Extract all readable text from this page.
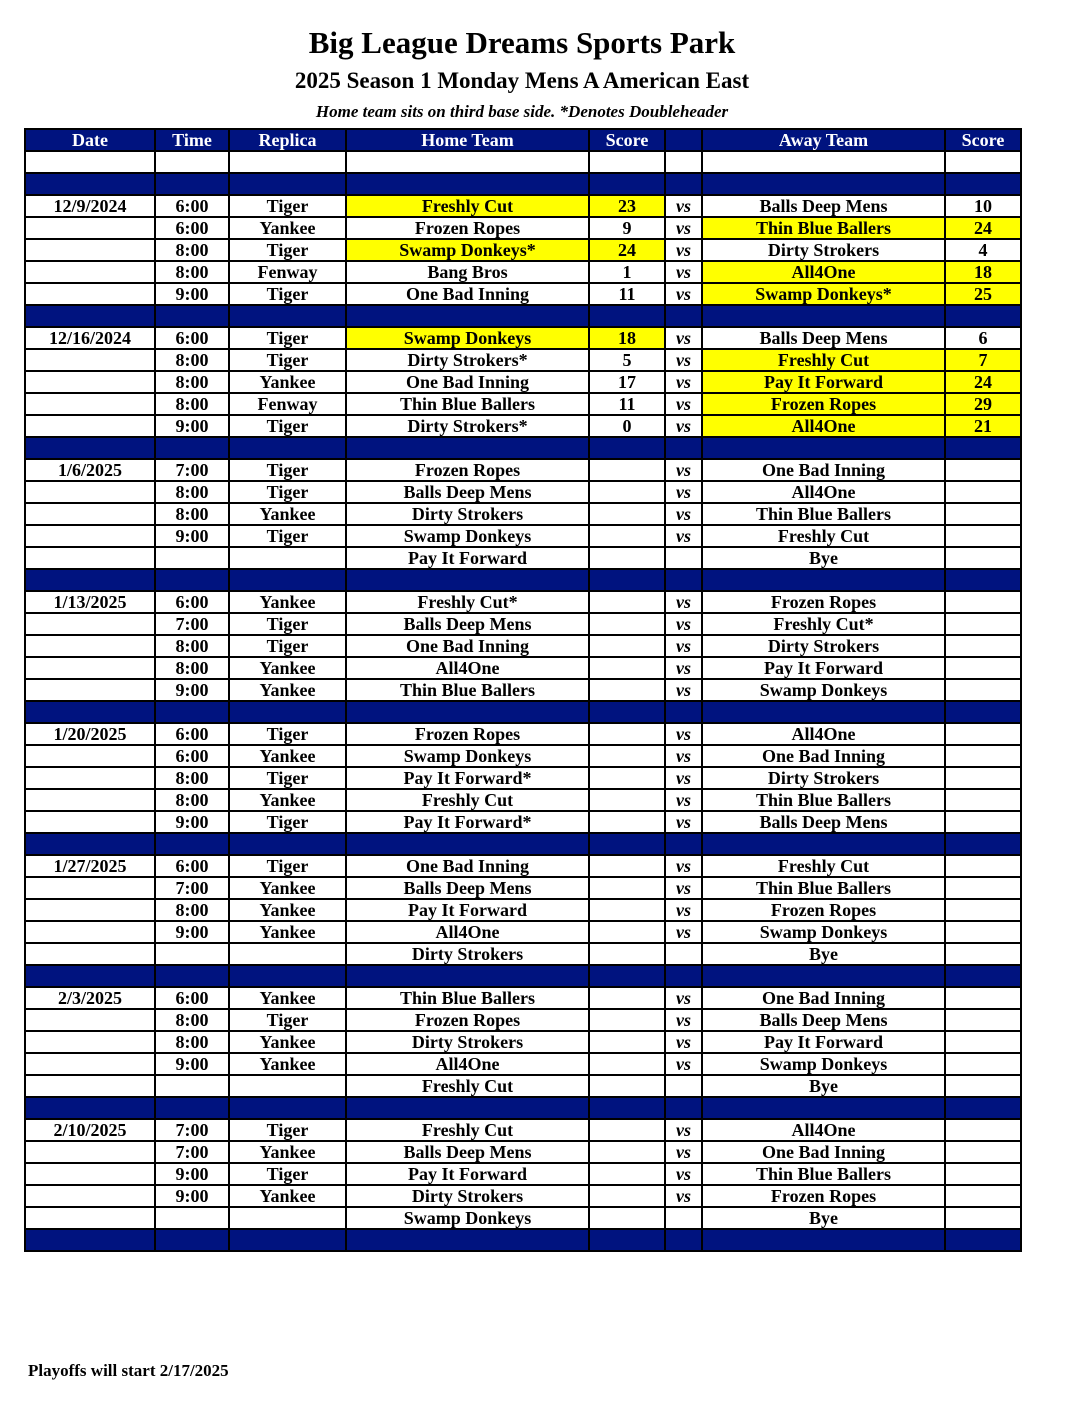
Big League Dreams Sports Park
2025 Season 1 Monday Mens A American East
Home team sits on third base side. *Denotes Doubleheader
Date	Time	Replica	Home Team	Score		Away Team	Score

12/9/2024	6:00	Tiger	Freshly Cut	23	vs	Balls Deep Mens	10
	6:00	Yankee	Frozen Ropes	9	vs	Thin Blue Ballers	24
	8:00	Tiger	Swamp Donkeys*	24	vs	Dirty Strokers	4
	8:00	Fenway	Bang Bros	1	vs	All4One	18
	9:00	Tiger	One Bad Inning	11	vs	Swamp Donkeys*	25

12/16/2024	6:00	Tiger	Swamp Donkeys	18	vs	Balls Deep Mens	6
	8:00	Tiger	Dirty Strokers*	5	vs	Freshly Cut	7
	8:00	Yankee	One Bad Inning	17	vs	Pay It Forward	24
	8:00	Fenway	Thin Blue Ballers	11	vs	Frozen Ropes	29
	9:00	Tiger	Dirty Strokers*	0	vs	All4One	21

1/6/2025	7:00	Tiger	Frozen Ropes		vs	One Bad Inning	
	8:00	Tiger	Balls Deep Mens		vs	All4One	
	8:00	Yankee	Dirty Strokers		vs	Thin Blue Ballers	
	9:00	Tiger	Swamp Donkeys		vs	Freshly Cut	
			Pay It Forward			Bye	

1/13/2025	6:00	Yankee	Freshly Cut*		vs	Frozen Ropes	
	7:00	Tiger	Balls Deep Mens		vs	Freshly Cut*	
	8:00	Tiger	One Bad Inning		vs	Dirty Strokers	
	8:00	Yankee	All4One		vs	Pay It Forward	
	9:00	Yankee	Thin Blue Ballers		vs	Swamp Donkeys	

1/20/2025	6:00	Tiger	Frozen Ropes		vs	All4One	
	6:00	Yankee	Swamp Donkeys		vs	One Bad Inning	
	8:00	Tiger	Pay It Forward*		vs	Dirty Strokers	
	8:00	Yankee	Freshly Cut		vs	Thin Blue Ballers	
	9:00	Tiger	Pay It Forward*		vs	Balls Deep Mens	

1/27/2025	6:00	Tiger	One Bad Inning		vs	Freshly Cut	
	7:00	Yankee	Balls Deep Mens		vs	Thin Blue Ballers	
	8:00	Yankee	Pay It Forward		vs	Frozen Ropes	
	9:00	Yankee	All4One		vs	Swamp Donkeys	
			Dirty Strokers			Bye	

2/3/2025	6:00	Yankee	Thin Blue Ballers		vs	One Bad Inning	
	8:00	Tiger	Frozen Ropes		vs	Balls Deep Mens	
	8:00	Yankee	Dirty Strokers		vs	Pay It Forward	
	9:00	Yankee	All4One		vs	Swamp Donkeys	
			Freshly Cut			Bye	

2/10/2025	7:00	Tiger	Freshly Cut		vs	All4One	
	7:00	Yankee	Balls Deep Mens		vs	One Bad Inning	
	9:00	Tiger	Pay It Forward		vs	Thin Blue Ballers	
	9:00	Yankee	Dirty Strokers		vs	Frozen Ropes	
			Swamp Donkeys			Bye	

Playoffs will start 2/17/2025
